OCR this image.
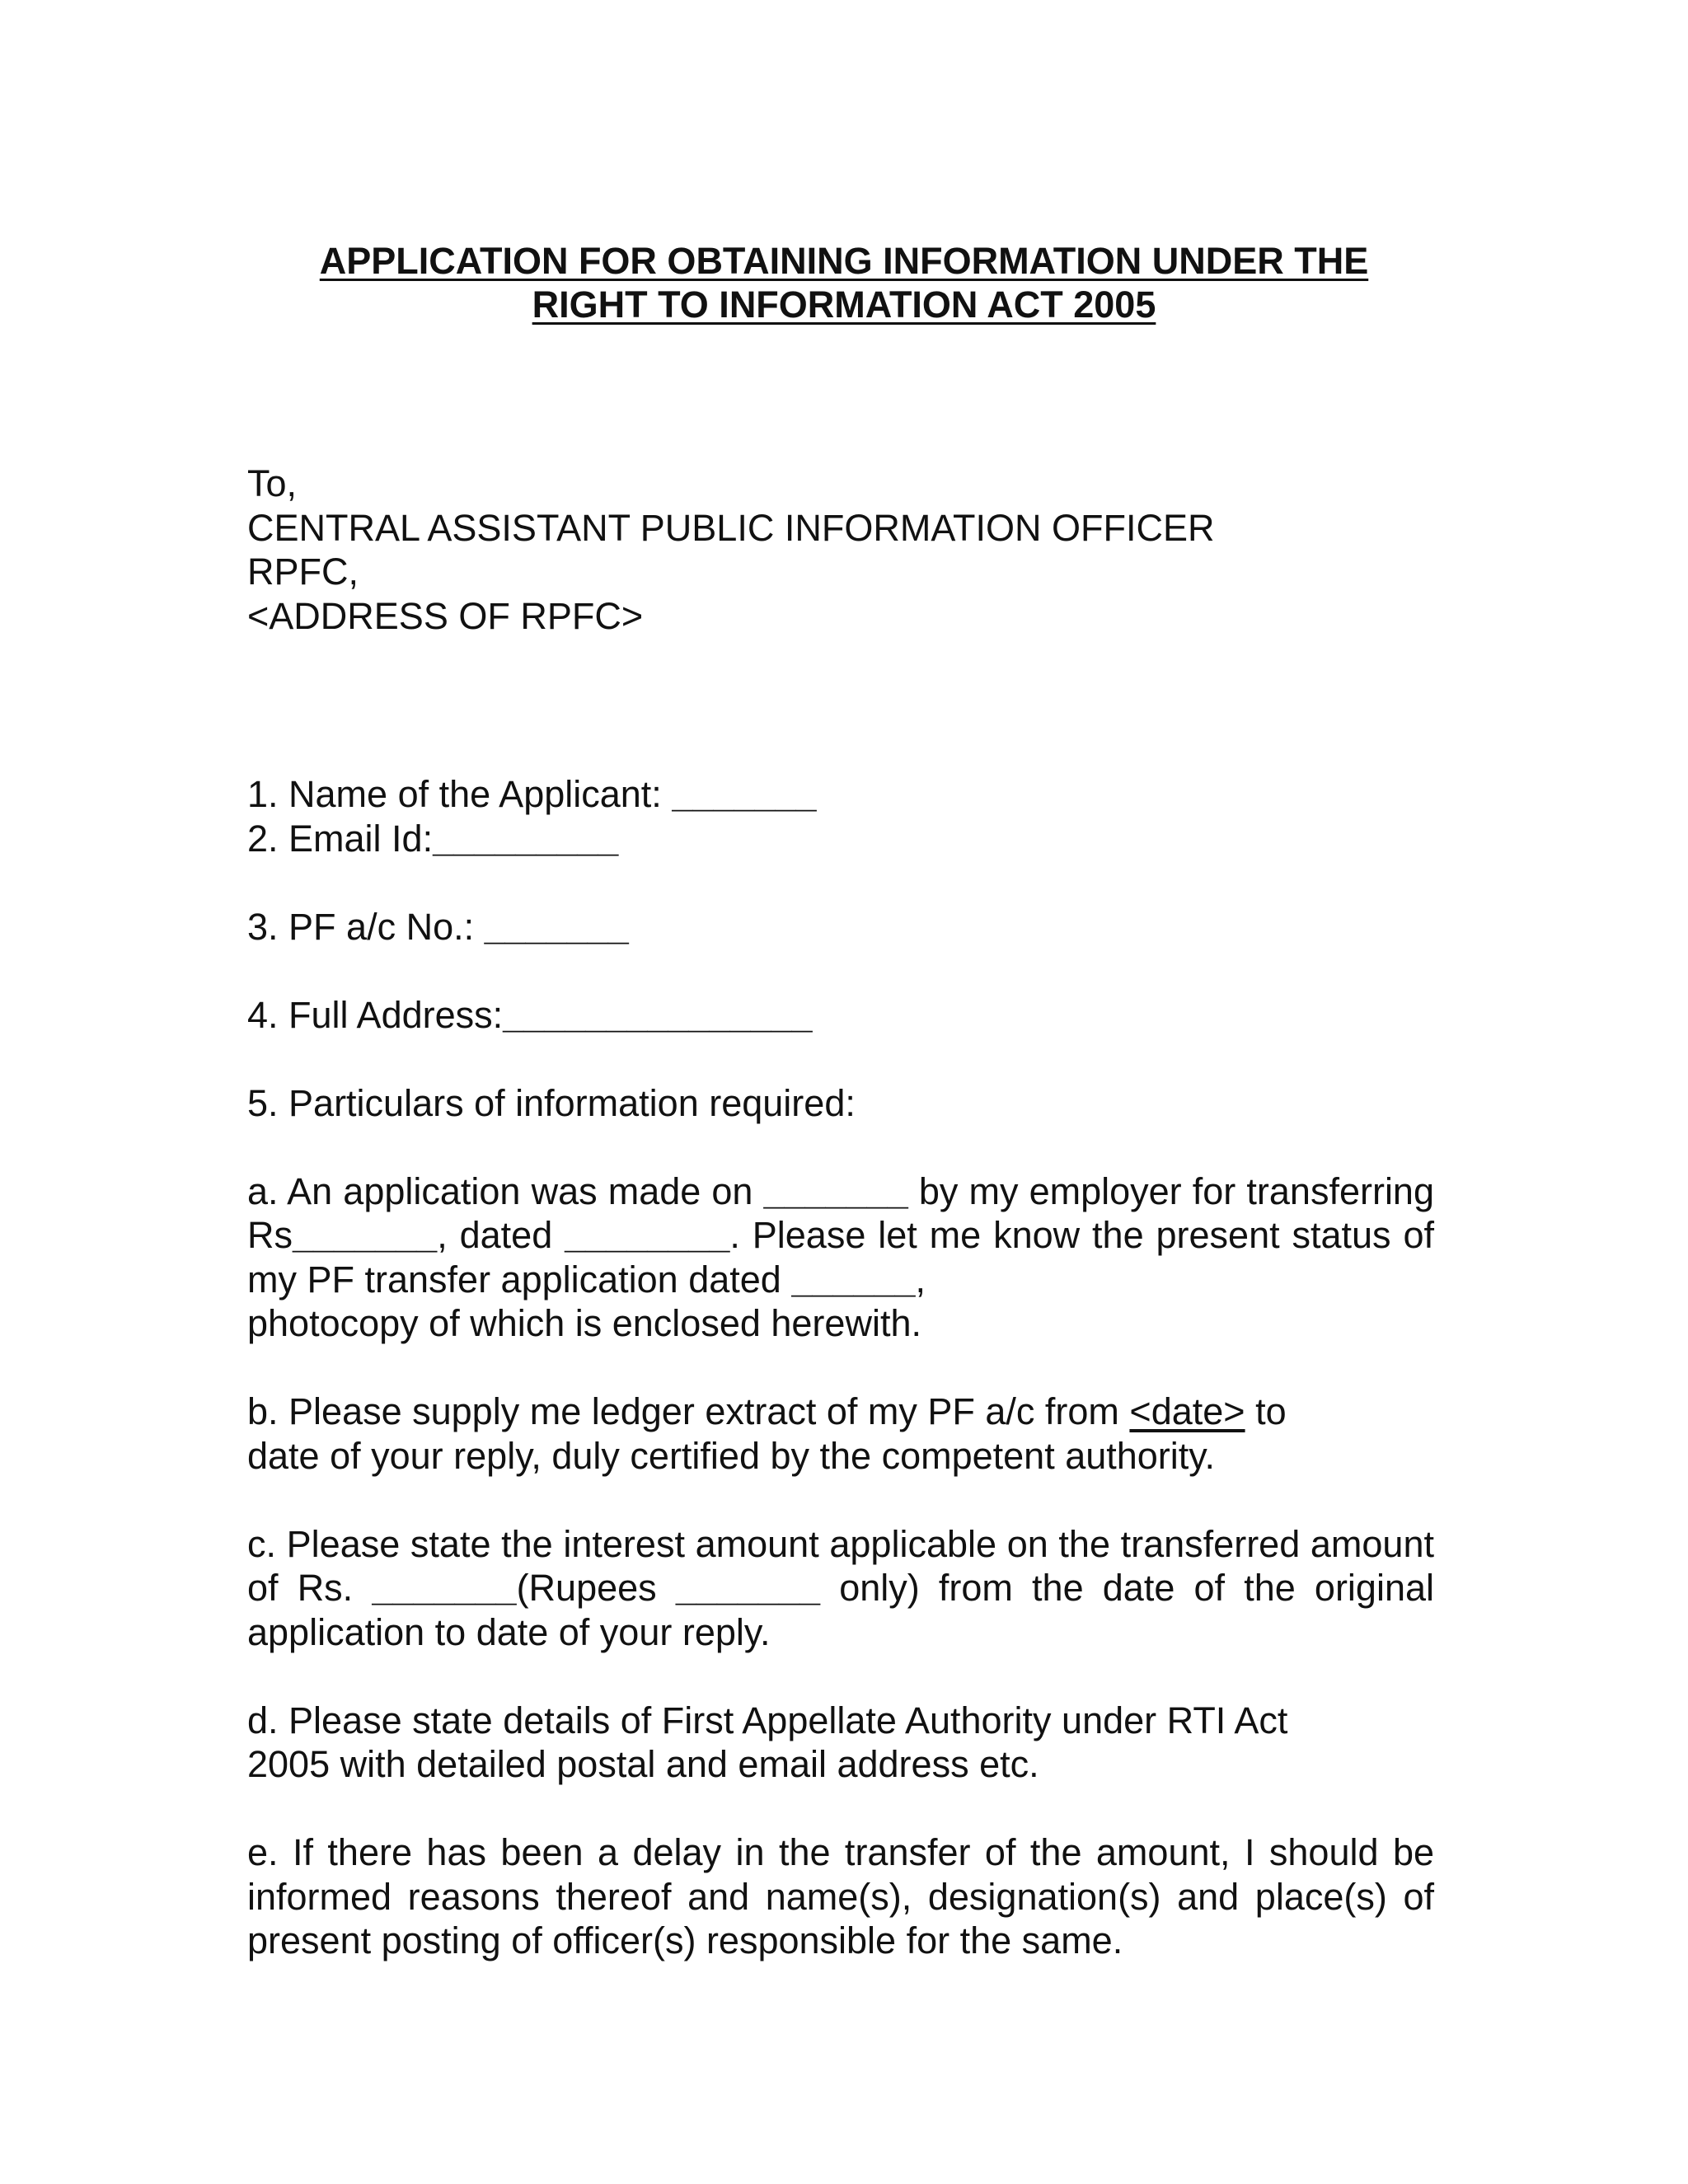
APPLICATION FOR OBTAINING INFORMATION UNDER THE
RIGHT TO INFORMATION ACT 2005
To,
CENTRAL ASSISTANT PUBLIC INFORMATION OFFICER
RPFC,
<ADDRESS OF RPFC>
1. Name of the Applicant: _______
2. Email Id:_________
3. PF a/c No.: _______
4. Full Address:_______________
5. Particulars of information required:
a. An application was made on _______ by my employer for transferring Rs_______, dated ________. Please let me know the present status of my PF transfer application dated ______,
photocopy of which is enclosed herewith.
b. Please supply me ledger extract of my PF a/c from <date> to
date of your reply, duly certified by the competent authority.
c. Please state the interest amount applicable on the transferred amount of Rs. _______(Rupees _______ only) from the date of the original application to date of your reply.
d. Please state details of First Appellate Authority under RTI Act
2005 with detailed postal and email address etc.
e. If there has been a delay in the transfer of the amount, I should be informed reasons thereof and name(s), designation(s) and place(s) of present posting of officer(s) responsible for the same.
